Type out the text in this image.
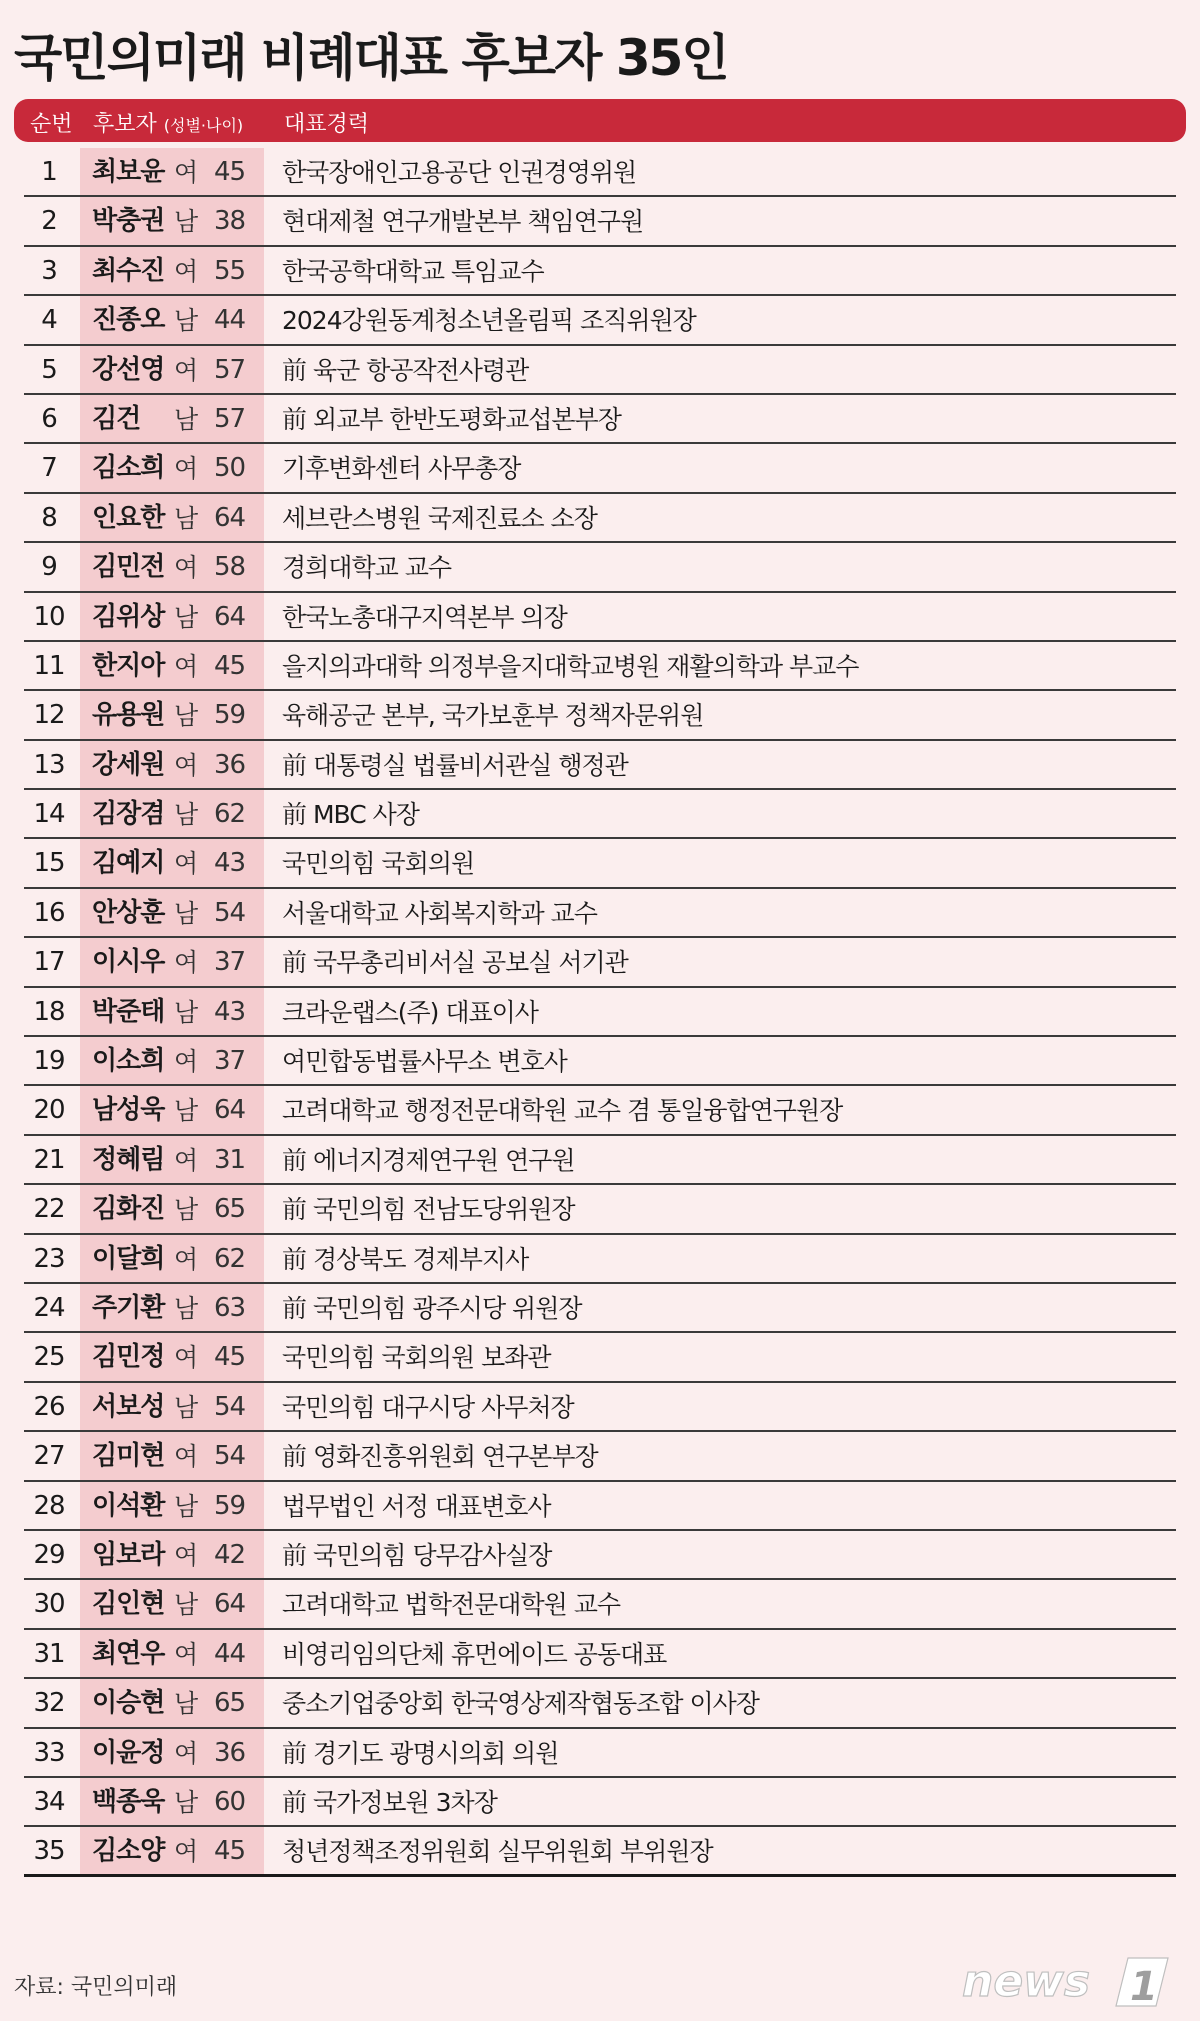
국민의미래 비례대표 후보자 35인
순번 후보자 (성별·나이) 대표경력
1	최보윤 여 45 한국장애인고용공단 인권경영위원
2	박충권 남 38 현대제철 연구개발본부 책임연구원
3	최수진 여 55 한국공학대학교 특임교수
4	진종오 남 44 2024강원동계청소년올림픽 조직위원장
5	강선영 여 57 前 육군 항공작전사령관
6	김건 남 57 前 외교부 한반도평화교섭본부장
7	김소희 여 50 기후변화센터 사무총장
8	인요한 남 64 세브란스병원 국제진료소 소장
9	김민전 여 58 경희대학교 교수
10	김위상 남 64 한국노총대구지역본부 의장
11	한지아 여 45 을지의과대학 의정부을지대학교병원 재활의학과 부교수
12	유용원 남 59 육해공군 본부, 국가보훈부 정책자문위원
13	강세원 여 36 前 대통령실 법률비서관실 행정관
14	김장겸 남 62 前 MBC 사장
15	김예지 여 43 국민의힘 국회의원
16	안상훈 남 54 서울대학교 사회복지학과 교수
17	이시우 여 37 前 국무총리비서실 공보실 서기관
18	박준태 남 43 크라운랩스(주) 대표이사
19	이소희 여 37 여민합동법률사무소 변호사
20	남성욱 남 64 고려대학교 행정전문대학원 교수 겸 통일융합연구원장
21	정혜림 여 31 前 에너지경제연구원 연구원
22	김화진 남 65 前 국민의힘 전남도당위원장
23	이달희 여 62 前 경상북도 경제부지사
24	주기환 남 63 前 국민의힘 광주시당 위원장
25	김민정 여 45 국민의힘 국회의원 보좌관
26	서보성 남 54 국민의힘 대구시당 사무처장
27	김미현 여 54 前 영화진흥위원회 연구본부장
28	이석환 남 59 법무법인 서정 대표변호사
29	임보라 여 42 前 국민의힘 당무감사실장
30	김인현 남 64 고려대학교 법학전문대학원 교수
31	최연우 여 44 비영리임의단체 휴먼에이드 공동대표
32	이승현 남 65 중소기업중앙회 한국영상제작협동조합 이사장
33	이윤정 여 36 前 경기도 광명시의회 의원
34	백종욱 남 60 前 국가정보원 3차장
35	김소양 여 45 청년정책조정위원회 실무위원회 부위원장
자료: 국민의미래	news 1
